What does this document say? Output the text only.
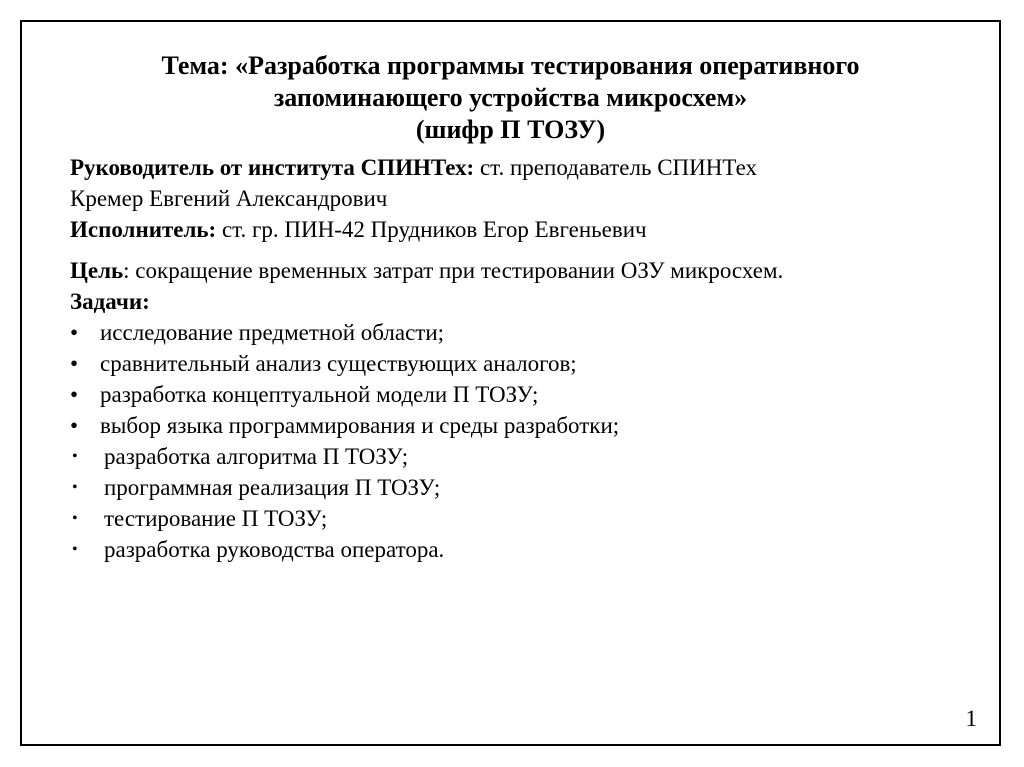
Тема: «Разработка программы тестирования оперативного
запоминающего устройства микросхем»
(шифр П ТОЗУ)
Руководитель от института СПИНТех: ст. преподаватель СПИНТех
Кремер Евгений Александрович
Исполнитель: ст. гр. ПИН-42 Прудников Егор Евгеньевич
Цель: сокращение временных затрат при тестировании ОЗУ микросхем.
Задачи:
• исследование предметной области;
• сравнительный анализ существующих аналогов;
• разработка концептуальной модели П ТОЗУ;
• выбор языка программирования и среды разработки;
• разработка алгоритма П ТОЗУ;
• программная реализация П ТОЗУ;
• тестирование П ТОЗУ;
• разработка руководства оператора.
1
